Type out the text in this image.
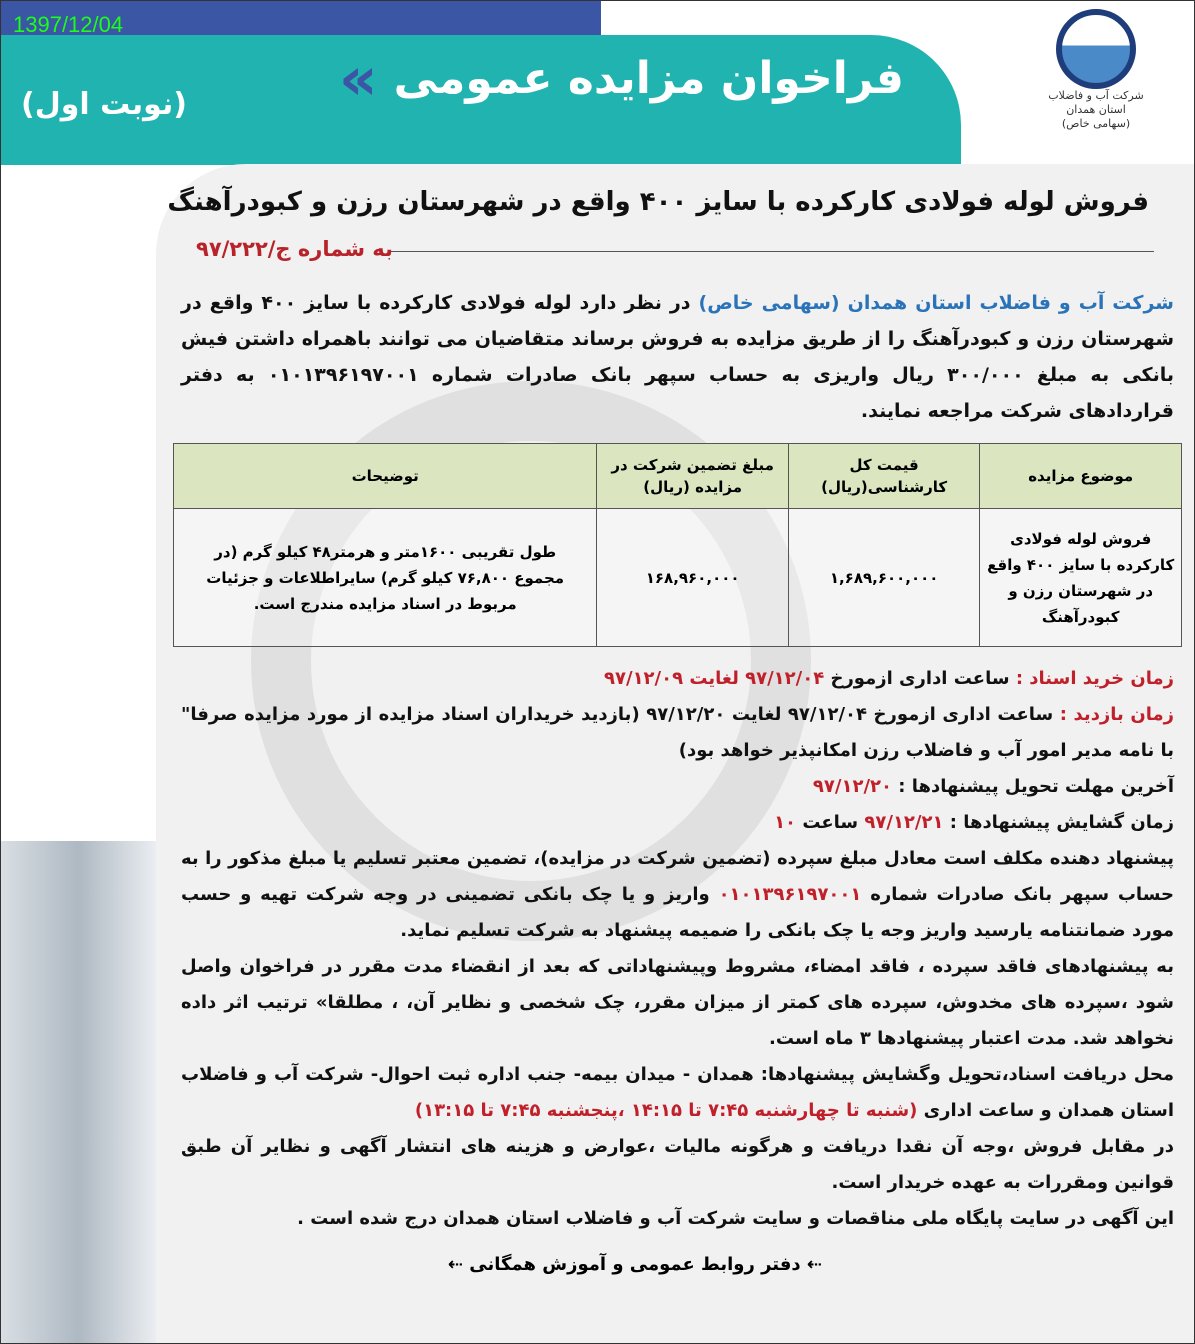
1397/12/04
فراخوان مزایده عمومی
«
(نوبت اول)	شرکت آب و فاضلاب
استان همدان
(سهامی خاص)
فروش لوله فولادی کارکرده با سایز ۴۰۰ واقع در شهرستان رزن و کبودرآهنگ
به شماره ج/۹۷/۲۲۲
شرکت آب و فاضلاب استان همدان (سهامی خاص) در نظر دارد لوله فولادی کارکرده با سایز ۴۰۰ واقع در شهرستان رزن و کبودرآهنگ را از طریق مزایده به فروش برساند متقاضیان می توانند باهمراه داشتن فیش بانکی به مبلغ ۳۰۰/۰۰۰ ریال واریزی به حساب سپهر بانک صادرات شماره ۰۱۰۱۳۹۶۱۹۷۰۰۱ به دفتر قراردادهای شرکت مراجعه نمایند.
موضوع مزایده	قیمت کل کارشناسی(ریال)	مبلغ تضمین شرکت در مزایده (ریال)	توضیحات
فروش لوله فولادی کارکرده با سایز ۴۰۰ واقع در شهرستان رزن و کبودرآهنگ	۱,۶۸۹,۶۰۰,۰۰۰	۱۶۸,۹۶۰,۰۰۰	طول تقریبی ۱۶۰۰متر و هرمتر۴۸ کیلو گرم (در مجموع ۷۶,۸۰۰ کیلو گرم) سایراطلاعات و جزئیات مربوط در اسناد مزایده مندرج است.

زمان خرید اسناد : ساعت اداری ازمورخ ۹۷/۱۲/۰۴ لغایت ۹۷/۱۲/۰۹

زمان بازدید : ساعت اداری ازمورخ ۹۷/۱۲/۰۴ لغایت ۹۷/۱۲/۲۰ (بازدید خریداران اسناد مزایده از مورد مزایده صرفا" با نامه مدیر امور آب و فاضلاب رزن امکانپذیر خواهد بود)

آخرین مهلت تحویل پیشنهادها : ۹۷/۱۲/۲۰

زمان گشایش پیشنهادها : ۹۷/۱۲/۲۱ ساعت ۱۰

پیشنهاد دهنده مکلف است معادل مبلغ سپرده (تضمین شرکت در مزایده)، تضمین معتبر تسلیم یا مبلغ مذکور را به حساب سپهر بانک صادرات شماره ۰۱۰۱۳۹۶۱۹۷۰۰۱ واریز و یا چک بانکی تضمینی در وجه شرکت تهیه و حسب مورد ضمانتنامه یارسید واریز وجه یا چک بانکی را ضمیمه پیشنهاد به شرکت تسلیم نماید.

به پیشنهادهای فاقد سپرده ، فاقد امضاء، مشروط وپیشنهاداتی که بعد از انقضاء مدت مقرر در فراخوان واصل شود ،سپرده های مخدوش، سپرده های کمتر از میزان مقرر، چک شخصی و نظایر آن، ، مطلقا» ترتیب اثر داده نخواهد شد. مدت اعتبار پیشنهادها ۳ ماه است.

محل دریافت اسناد،تحویل وگشایش پیشنهادها: همدان - میدان بیمه- جنب اداره ثبت احوال- شرکت آب و فاضلاب استان همدان و ساعت اداری (شنبه تا چهارشنبه ۷:۴۵ تا ۱۴:۱۵ ،پنجشنبه ۷:۴۵ تا ۱۳:۱۵)

در مقابل فروش ،وجه آن نقدا دریافت و هرگونه مالیات ،عوارض و هزینه های انتشار آگهی و نظایر آن طبق قوانین ومقررات به عهده خریدار است.

این آگهی در سایت پایگاه ملی مناقصات و سایت شرکت آب و فاضلاب استان همدان درج شده است .

⇠ دفتر روابط عمومی و آموزش همگانی ⇠
